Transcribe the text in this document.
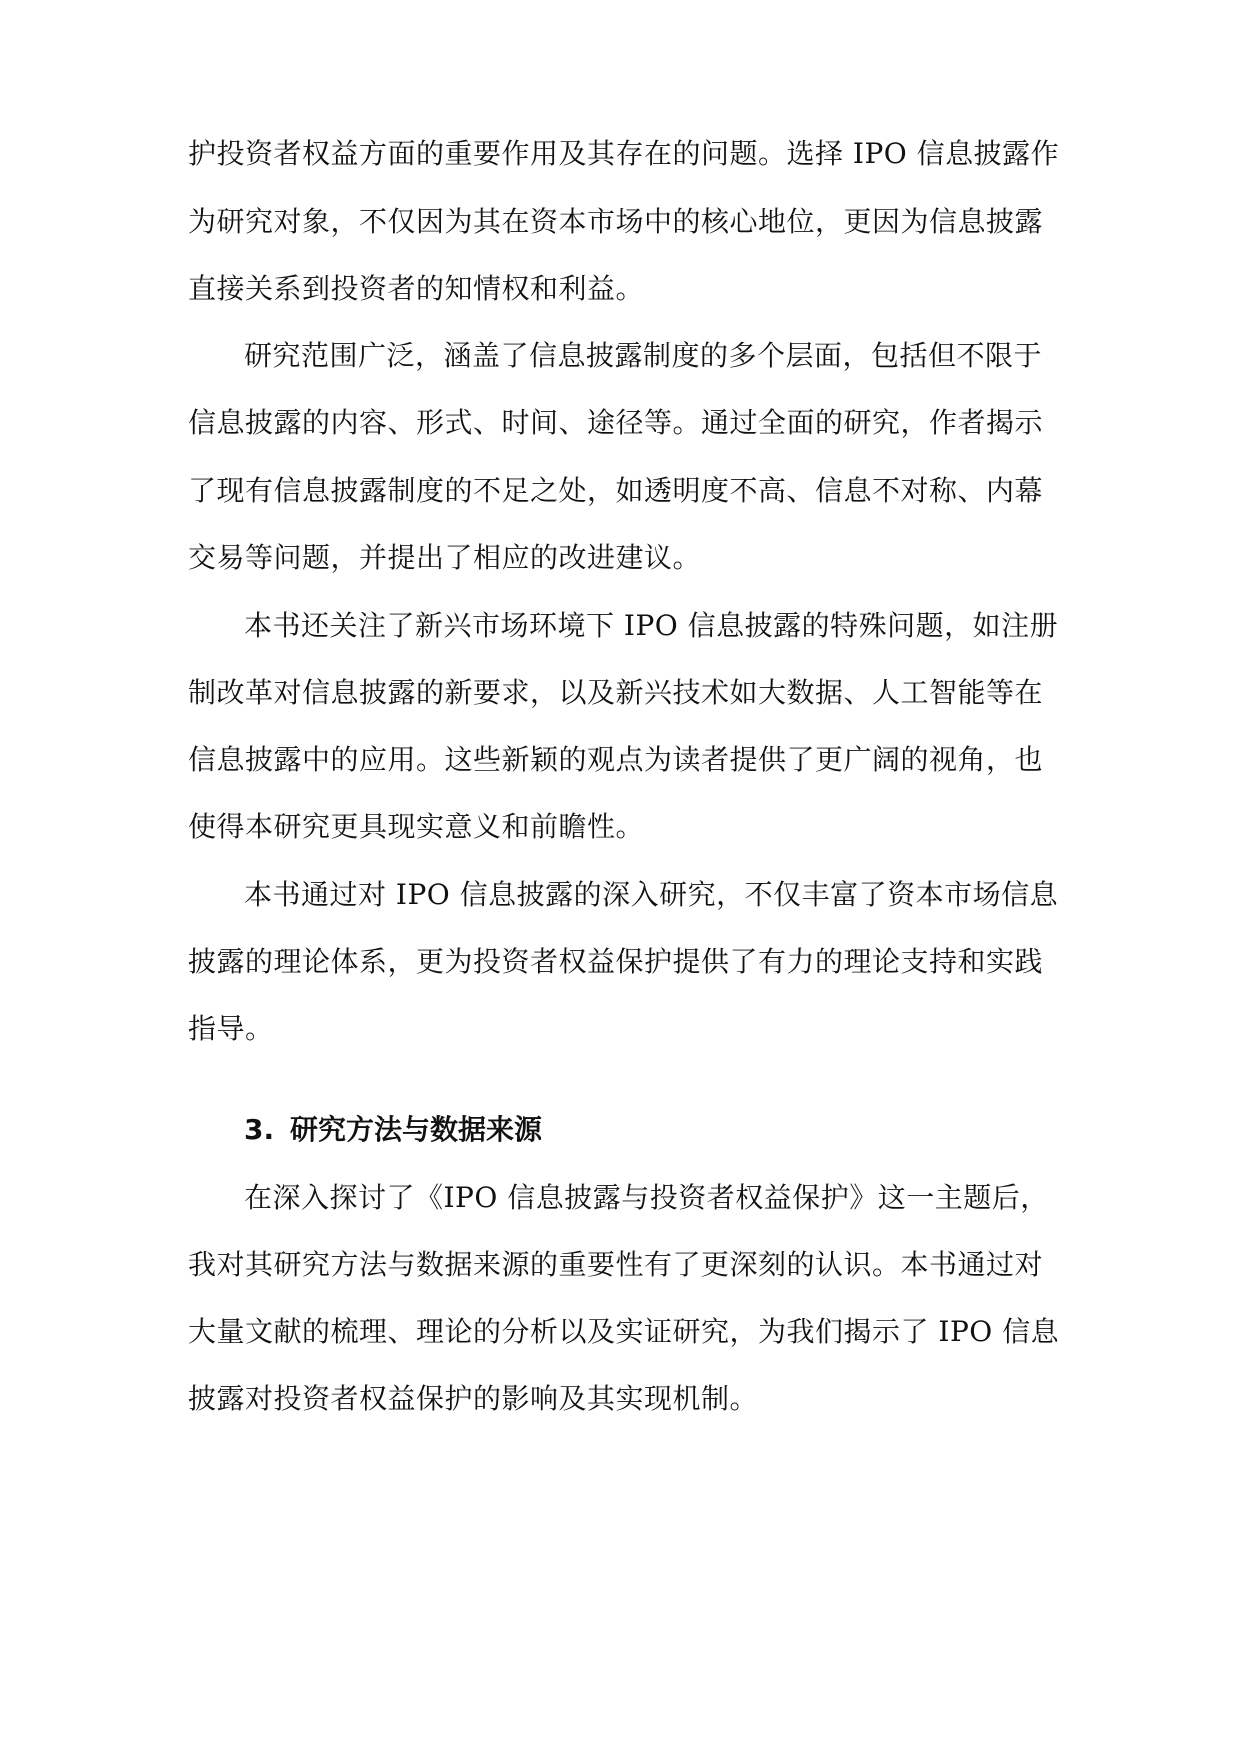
护投资者权益方面的重要作用及其存在的问题。选择 IPO 信息披露作
为研究对象，不仅因为其在资本市场中的核心地位，更因为信息披露
直接关系到投资者的知情权和利益。
研究范围广泛，涵盖了信息披露制度的多个层面，包括但不限于
信息披露的内容、形式、时间、途径等。通过全面的研究，作者揭示
了现有信息披露制度的不足之处，如透明度不高、信息不对称、内幕
交易等问题，并提出了相应的改进建议。
本书还关注了新兴市场环境下 IPO 信息披露的特殊问题，如注册
制改革对信息披露的新要求，以及新兴技术如大数据、人工智能等在
信息披露中的应用。这些新颖的观点为读者提供了更广阔的视角，也
使得本研究更具现实意义和前瞻性。
本书通过对 IPO 信息披露的深入研究，不仅丰富了资本市场信息
披露的理论体系，更为投资者权益保护提供了有力的理论支持和实践
指导。
3. 研究方法与数据来源
在深入探讨了《IPO 信息披露与投资者权益保护》这一主题后，
我对其研究方法与数据来源的重要性有了更深刻的认识。本书通过对
大量文献的梳理、理论的分析以及实证研究，为我们揭示了 IPO 信息
披露对投资者权益保护的影响及其实现机制。
